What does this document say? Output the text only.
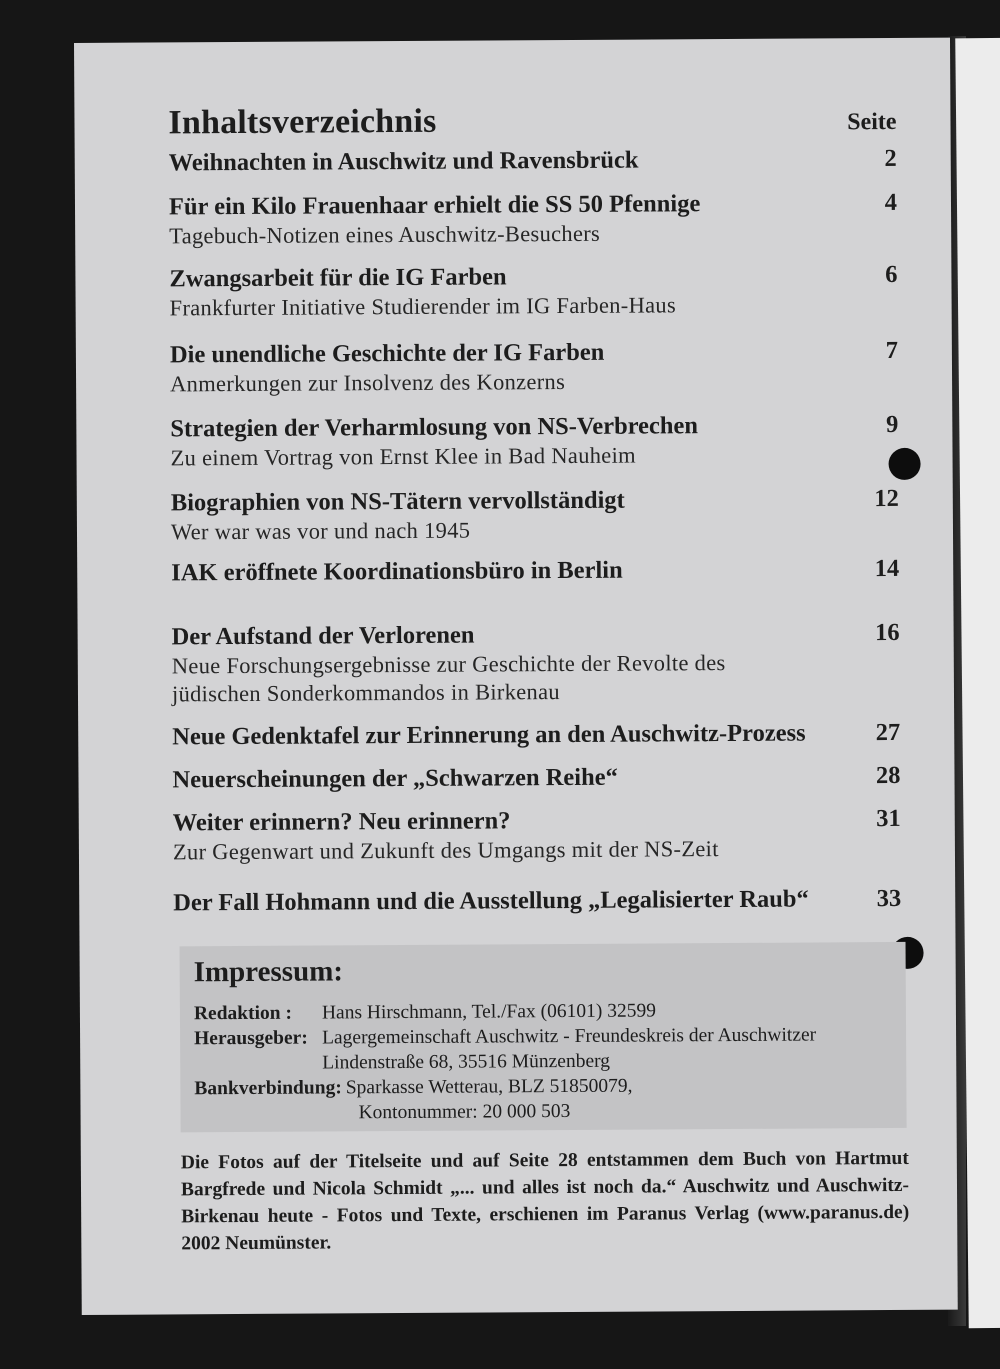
Inhaltsverzeichnis	Seite
Weihnachten in Auschwitz und Ravensbrück	2
Für ein Kilo Frauenhaar erhielt die SS 50 Pfennige	4
Tagebuch-Notizen eines Auschwitz-Besuchers
Zwangsarbeit für die IG Farben	6
Frankfurter Initiative Studierender im IG Farben-Haus
Die unendliche Geschichte der IG Farben	7
Anmerkungen zur Insolvenz des Konzerns
Strategien der Verharmlosung von NS-Verbrechen	9
Zu einem Vortrag von Ernst Klee in Bad Nauheim
Biographien von NS-Tätern vervollständigt	12
Wer war was vor und nach 1945
IAK eröffnete Koordinationsbüro in Berlin	14
Der Aufstand der Verlorenen	16
Neue Forschungsergebnisse zur Geschichte der Revolte des
jüdischen Sonderkommandos in Birkenau
Neue Gedenktafel zur Erinnerung an den Auschwitz-Prozess	27
Neuerscheinungen der „Schwarzen Reihe“	28
Weiter erinnern? Neu erinnern?	31
Zur Gegenwart und Zukunft des Umgangs mit der NS-Zeit
Der Fall Hohmann und die Ausstellung „Legalisierter Raub“	33
Impressum:
Redaktion :	Hans Hirschmann, Tel./Fax (06101) 32599
Herausgeber: Lagergemeinschaft Auschwitz - Freundeskreis der Auschwitzer
Lindenstraße 68, 35516 Münzenberg
Bankverbindung: Sparkasse Wetterau, BLZ 51850079,
Kontonummer: 20 000 503
Die Fotos auf der Titelseite und auf Seite 28 entstammen dem Buch von Hartmut Bargfrede und Nicola Schmidt „... und alles ist noch da.“ Auschwitz und Auschwitz-Birkenau heute - Fotos und Texte, erschienen im Paranus Verlag (www.paranus.de) 2002 Neumünster.
